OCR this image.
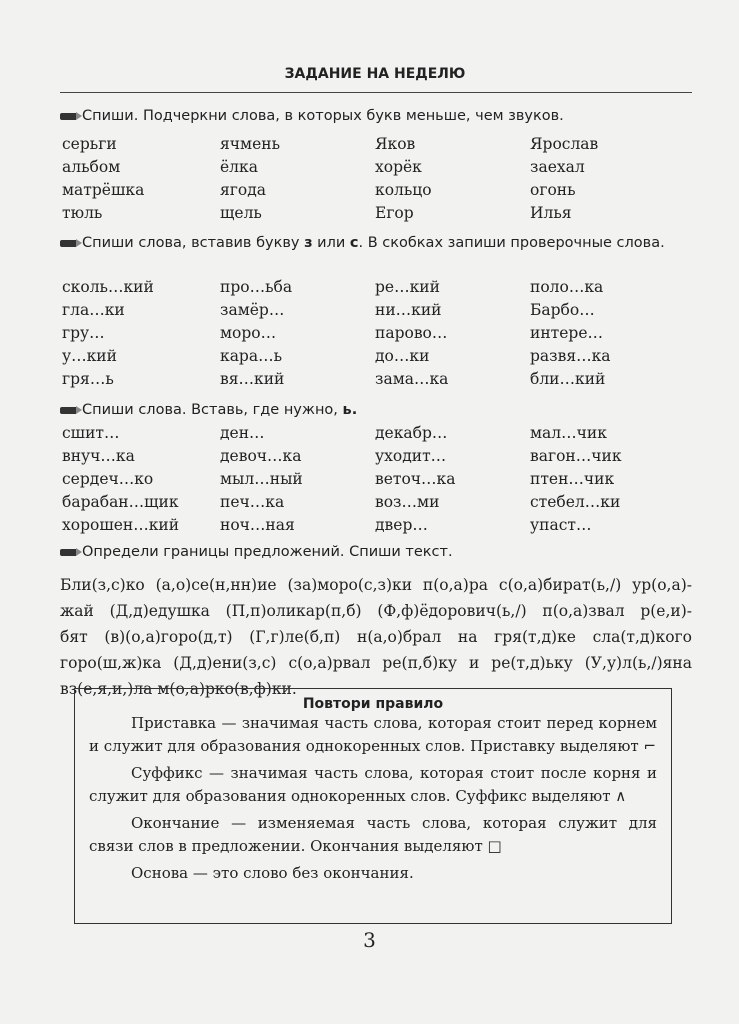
ЗАДАНИЕ НА НЕДЕЛЮ
Спиши. Подчеркни слова, в которых букв меньше, чем звуков.
серьги	ячмень	Яков	Ярослав
альбом	ёлка	хорёк	заехал
матрёшка	ягода	кольцо	огонь
тюль	щель	Егор	Илья
Спиши слова, вставив букву з или с. В скобках запиши проверочные слова.
сколь…кий	про…ьба	ре…кий	поло…ка
гла…ки	замёр…	ни…кий	Барбо…
гру…	моро…	парово…	интере…
у…кий	кара…ь	до…ки	развя…ка
гря…ь	вя…кий	зама…ка	бли…кий
Спиши слова. Вставь, где нужно, ь.
сшит…	ден…	декабр…	мал…чик
внуч…ка	девоч…ка	уходит…	вагон…чик
сердеч…ко	мыл…ный	веточ…ка	птен…чик
барабан…щик	печ…ка	воз…ми	стебел…ки
хорошен…кий	ноч…ная	двер…	упаст…
Определи границы предложений. Спиши текст.
Бли(з,с)ко (а,о)се(н,нн)ие (за)моро(с,з)ки п(о,а)ра с(о,а)бират(ь,/) ур(о,а)-
жай (Д,д)едушка (П,п)оликар(п,б) (Ф,ф)ёдорович(ь,/) п(о,а)звал р(е,и)-
бят (в)(о,а)горо(д,т) (Г,г)ле(б,п) н(а,о)брал на гря(т,д)ке сла(т,д)кого
горо(ш,ж)ка (Д,д)ени(з,с) с(о,а)рвал ре(п,б)ку и ре(т,д)ьку (У,у)л(ь,/)яна
вз(е,я,и,)ла м(о,а)рко(в,ф)ки.
Повтори правило

Приставка — значимая часть слова, которая стоит перед корнем и служит для образования однокоренных слов. Приставку выделяют ⌐

Суффикс — значимая часть слова, которая стоит после корня и служит для образования однокоренных слов. Суффикс выделяют ∧

Окончание — изменяемая часть слова, которая служит для связи слов в предложении. Окончания выделяют □

Основа — это слово без окончания.

3
